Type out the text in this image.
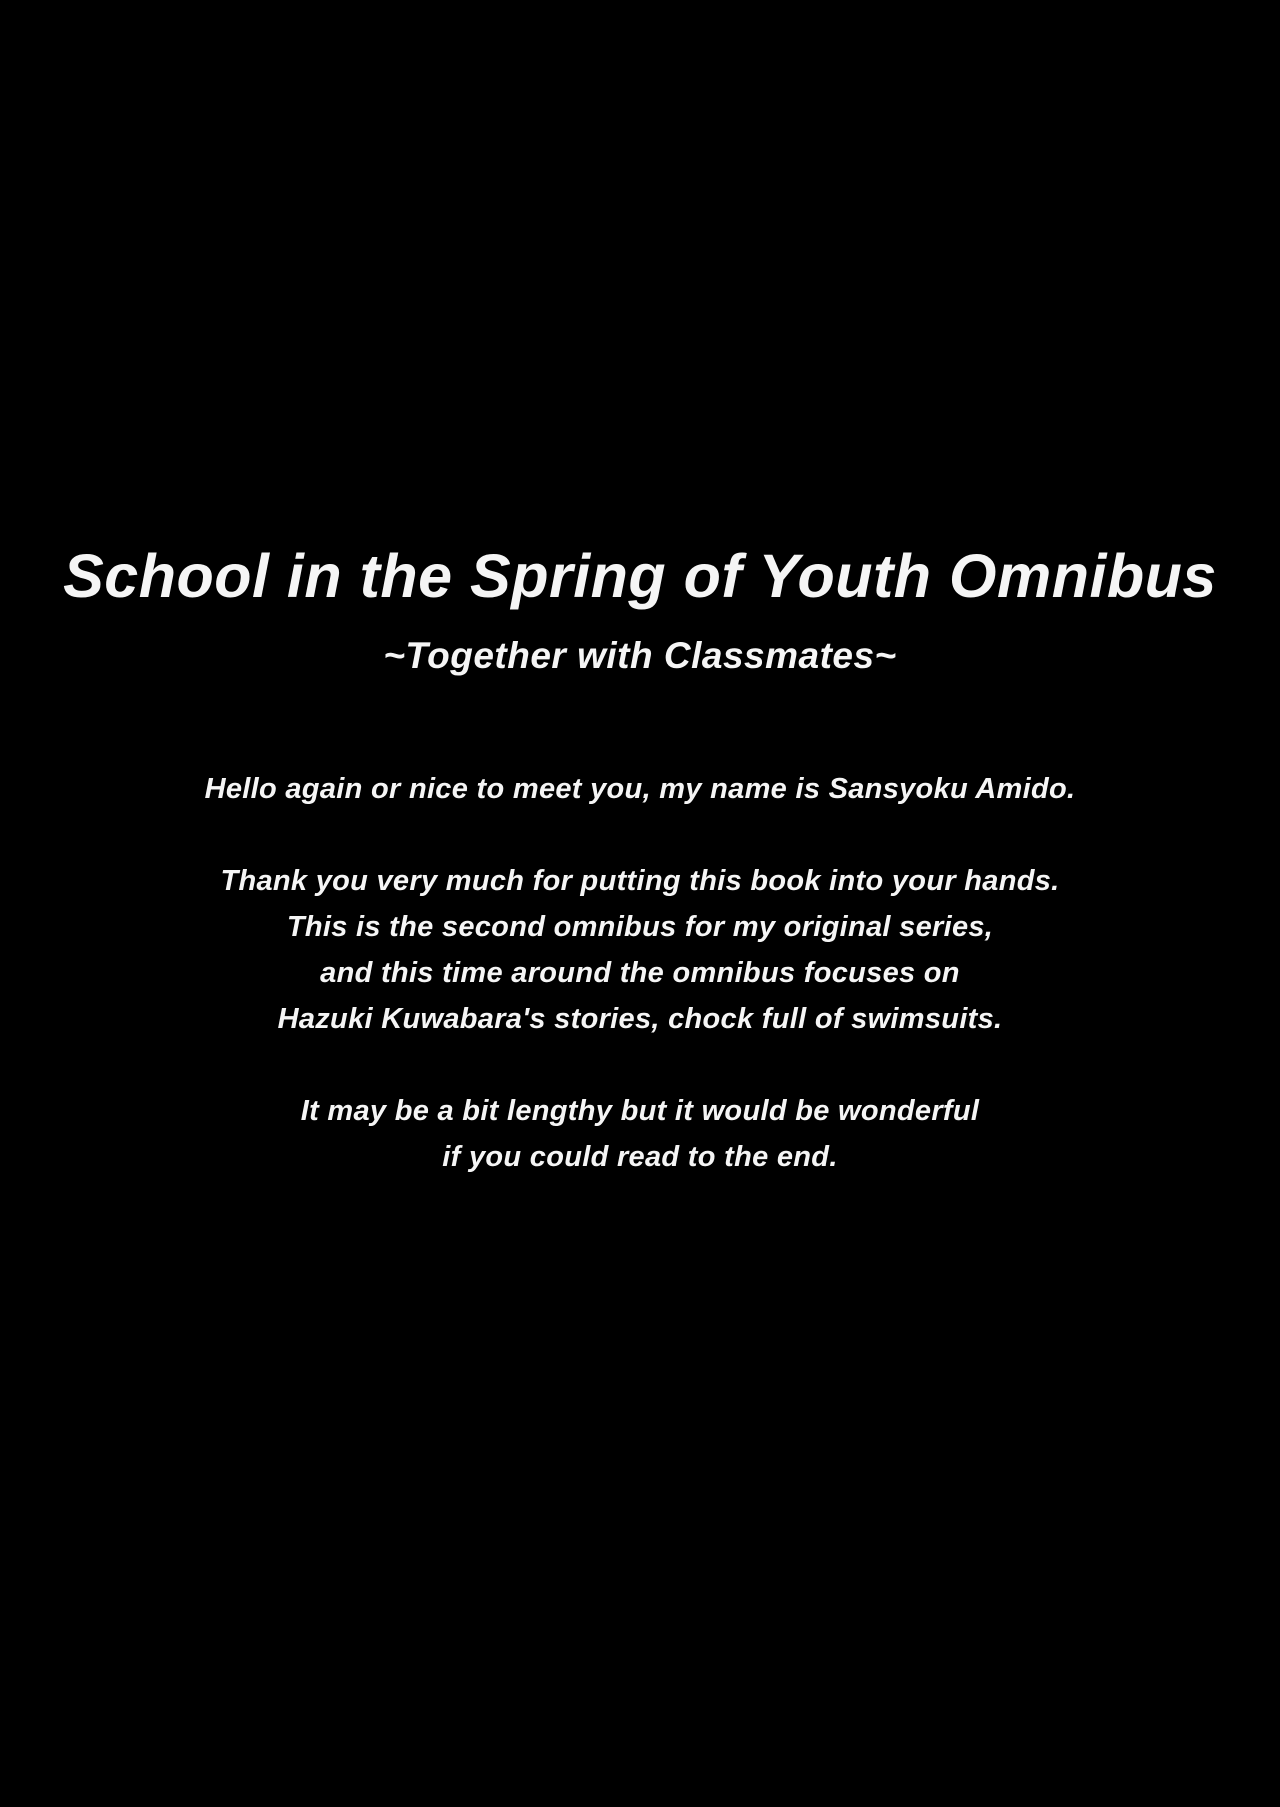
School in the Spring of Youth Omnibus
~Together with Classmates~

Hello again or nice to meet you, my name is Sansyoku Amido.

Thank you very much for putting this book into your hands.
This is the second omnibus for my original series,
and this time around the omnibus focuses on
Hazuki Kuwabara's stories, chock full of swimsuits.

It may be a bit lengthy but it would be wonderful
if you could read to the end.
